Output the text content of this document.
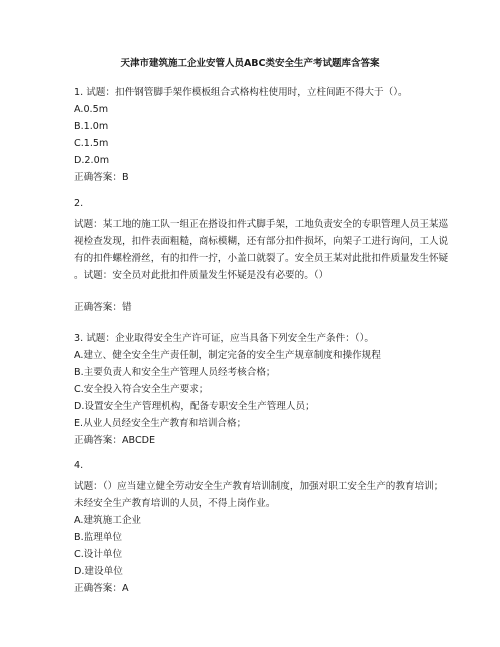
天津市建筑施工企业安管人员ABC类安全生产考试题库含答案
1. 试题：扣件钢管脚手架作模板组合式格构柱使用时，立柱间距不得大于（）。
A.0.5m
B.1.0m
C.1.5m
D.2.0m
正确答案：B
2.
试题：某工地的施工队一组正在搭设扣件式脚手架，工地负责安全的专职管理人员王某巡
视检查发现，扣件表面粗糙，商标模糊，还有部分扣件损坏，向架子工进行询问，工人说
有的扣件螺栓滑丝，有的扣件一拧，小盖口就裂了。安全员王某对此批扣件质量发生怀疑
。试题：安全员对此批扣件质量发生怀疑是没有必要的。（）
正确答案：错
3. 试题：企业取得安全生产许可证，应当具备下列安全生产条件：（）。
A.建立、健全安全生产责任制，制定完备的安全生产规章制度和操作规程
B.主要负责人和安全生产管理人员经考核合格；
C.安全投入符合安全生产要求；
D.设置安全生产管理机构，配备专职安全生产管理人员；
E.从业人员经安全生产教育和培训合格；
正确答案：ABCDE
4.
试题：（）应当建立健全劳动安全生产教育培训制度，加强对职工安全生产的教育培训；
未经安全生产教育培训的人员，不得上岗作业。
A.建筑施工企业
B.监理单位
C.设计单位
D.建设单位
正确答案：A
